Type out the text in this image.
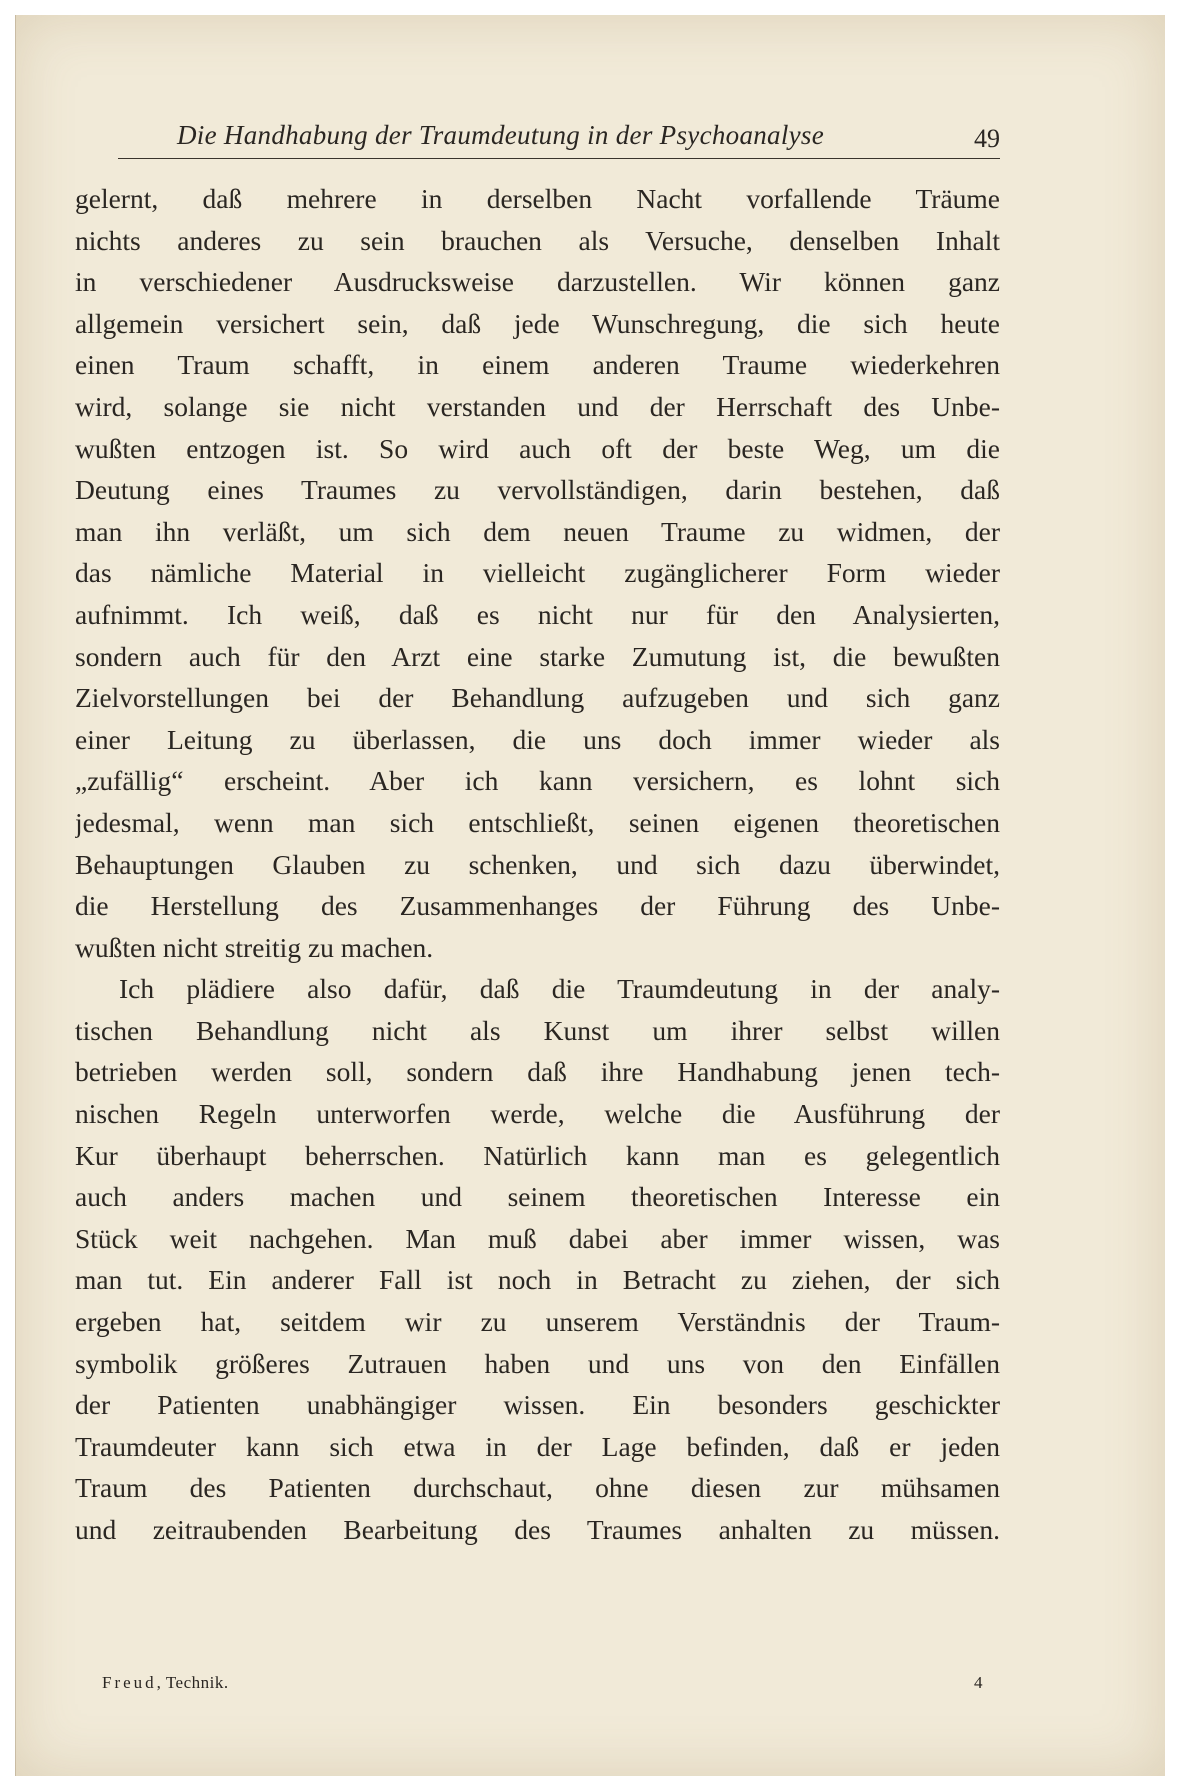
Die Handhabung der Traumdeutung in der Psychoanalyse	49
gelernt, daß mehrere in derselben Nacht vorfallende Träume
nichts anderes zu sein brauchen als Versuche, denselben Inhalt
in verschiedener Ausdrucksweise darzustellen. Wir können ganz
allgemein versichert sein, daß jede Wunschregung, die sich heute
einen Traum schafft, in einem anderen Traume wiederkehren
wird, solange sie nicht verstanden und der Herrschaft des Unbe-
wußten entzogen ist. So wird auch oft der beste Weg, um die
Deutung eines Traumes zu vervollständigen, darin bestehen, daß
man ihn verläßt, um sich dem neuen Traume zu widmen, der
das nämliche Material in vielleicht zugänglicherer Form wieder
aufnimmt. Ich weiß, daß es nicht nur für den Analysierten,
sondern auch für den Arzt eine starke Zumutung ist, die bewußten
Zielvorstellungen bei der Behandlung aufzugeben und sich ganz
einer Leitung zu überlassen, die uns doch immer wieder als
„zufällig“ erscheint. Aber ich kann versichern, es lohnt sich
jedesmal, wenn man sich entschließt, seinen eigenen theoretischen
Behauptungen Glauben zu schenken, und sich dazu überwindet,
die Herstellung des Zusammenhanges der Führung des Unbe-
wußten nicht streitig zu machen.
Ich plädiere also dafür, daß die Traumdeutung in der analy-
tischen Behandlung nicht als Kunst um ihrer selbst willen
betrieben werden soll, sondern daß ihre Handhabung jenen tech-
nischen Regeln unterworfen werde, welche die Ausführung der
Kur überhaupt beherrschen. Natürlich kann man es gelegentlich
auch anders machen und seinem theoretischen Interesse ein
Stück weit nachgehen. Man muß dabei aber immer wissen, was
man tut. Ein anderer Fall ist noch in Betracht zu ziehen, der sich
ergeben hat, seitdem wir zu unserem Verständnis der Traum-
symbolik größeres Zutrauen haben und uns von den Einfällen
der Patienten unabhängiger wissen. Ein besonders geschickter
Traumdeuter kann sich etwa in der Lage befinden, daß er jeden
Traum des Patienten durchschaut, ohne diesen zur mühsamen
und zeitraubenden Bearbeitung des Traumes anhalten zu müssen.
Freud, Technik.	4
